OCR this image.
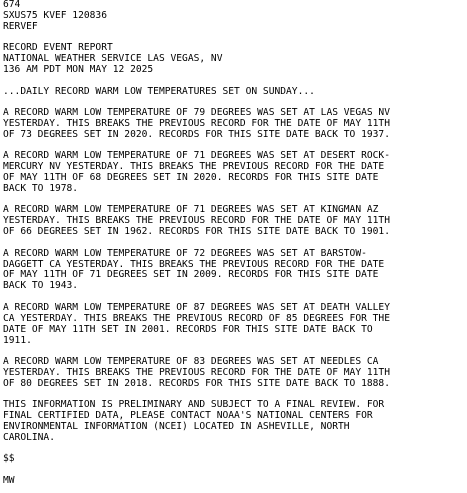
674
SXUS75 KVEF 120836
RERVEF
RECORD EVENT REPORT
NATIONAL WEATHER SERVICE LAS VEGAS, NV
136 AM PDT MON MAY 12 2025
...DAILY RECORD WARM LOW TEMPERATURES SET ON SUNDAY...
A RECORD WARM LOW TEMPERATURE OF 79 DEGREES WAS SET AT LAS VEGAS NV
YESTERDAY. THIS BREAKS THE PREVIOUS RECORD FOR THE DATE OF MAY 11TH
OF 73 DEGREES SET IN 2020. RECORDS FOR THIS SITE DATE BACK TO 1937.
A RECORD WARM LOW TEMPERATURE OF 71 DEGREES WAS SET AT DESERT ROCK-
MERCURY NV YESTERDAY. THIS BREAKS THE PREVIOUS RECORD FOR THE DATE
OF MAY 11TH OF 68 DEGREES SET IN 2020. RECORDS FOR THIS SITE DATE
BACK TO 1978.
A RECORD WARM LOW TEMPERATURE OF 71 DEGREES WAS SET AT KINGMAN AZ
YESTERDAY. THIS BREAKS THE PREVIOUS RECORD FOR THE DATE OF MAY 11TH
OF 66 DEGREES SET IN 1962. RECORDS FOR THIS SITE DATE BACK TO 1901.
A RECORD WARM LOW TEMPERATURE OF 72 DEGREES WAS SET AT BARSTOW-
DAGGETT CA YESTERDAY. THIS BREAKS THE PREVIOUS RECORD FOR THE DATE
OF MAY 11TH OF 71 DEGREES SET IN 2009. RECORDS FOR THIS SITE DATE
BACK TO 1943.
A RECORD WARM LOW TEMPERATURE OF 87 DEGREES WAS SET AT DEATH VALLEY
CA YESTERDAY. THIS BREAKS THE PREVIOUS RECORD OF 85 DEGREES FOR THE
DATE OF MAY 11TH SET IN 2001. RECORDS FOR THIS SITE DATE BACK TO
1911.
A RECORD WARM LOW TEMPERATURE OF 83 DEGREES WAS SET AT NEEDLES CA
YESTERDAY. THIS BREAKS THE PREVIOUS RECORD FOR THE DATE OF MAY 11TH
OF 80 DEGREES SET IN 2018. RECORDS FOR THIS SITE DATE BACK TO 1888.
THIS INFORMATION IS PRELIMINARY AND SUBJECT TO A FINAL REVIEW. FOR
FINAL CERTIFIED DATA, PLEASE CONTACT NOAA'S NATIONAL CENTERS FOR
ENVIRONMENTAL INFORMATION (NCEI) LOCATED IN ASHEVILLE, NORTH
CAROLINA.
$$
MW
